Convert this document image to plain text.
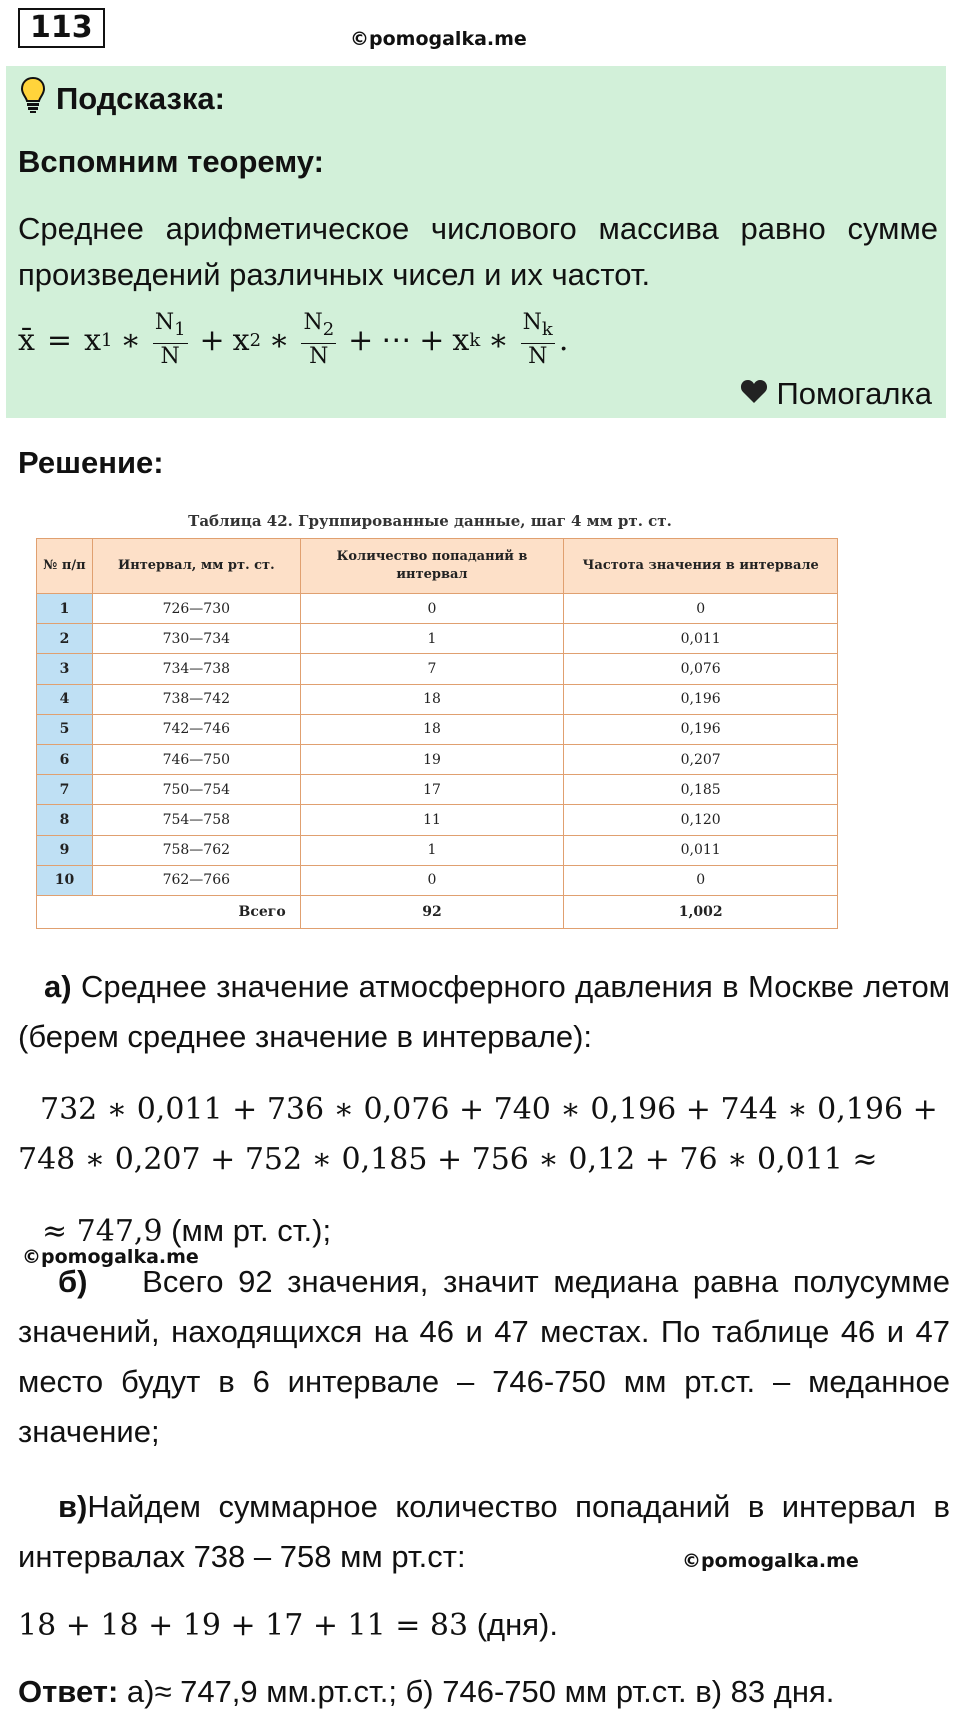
113	©pomogalka.me
Подсказка:
Вспомним теорему:
Среднее арифметическое числового массива равно сумме произведений различных чисел и их частот.
x̄ = x 1 ∗ $\frac{N_1}{N} + x$ 2 ∗ $\frac{N_2}{N}$ + ⋯ + x k ∗ $\frac{N_k}{N}$ .
Помогалка
Решение:
Таблица 42. Группированные данные, шаг 4 мм рт. ст.
№ п/п	Интервал, мм рт. ст.	Количество попаданий в интервал	Частота значения в интервале
1	726—730	0	0
2	730—734	1	0,011
3	734—738	7	0,076
4	738—742	18	0,196
5	742—746	18	0,196
6	746—750	19	0,207
7	750—754	17	0,185
8	754—758	11	0,120
9	758—762	1	0,011
10	762—766	0	0
Всего		92	1,002
а) Среднее значение атмосферного давления в Москве летом (берем среднее значение в интервале):
732 ∗ 0,011 + 736 ∗ 0,076 + 740 ∗ 0,196 + 744 ∗ 0,196 +
748 ∗ 0,207 + 752 ∗ 0,185 + 756 ∗ 0,12 + 76 ∗ 0,011 ≈
≈ 747,9 (мм рт. ст.);
©pomogalka.me
б) Всего 92 значения, значит медиана равна полусумме значений, находящихся на 46 и 47 местах. По таблице 46 и 47 место будут в 6 интервале – 746-750 мм рт.ст. – меданное значение;
в)Найдем суммарное количество попаданий в интервал в интервалах 738 – 758 мм рт.ст:	©pomogalka.me
18 + 18 + 19 + 17 + 11 = 83 (дня).
Ответ: а)≈ 747,9 мм.рт.ст.; б) 746-750 мм рт.ст. в) 83 дня.
